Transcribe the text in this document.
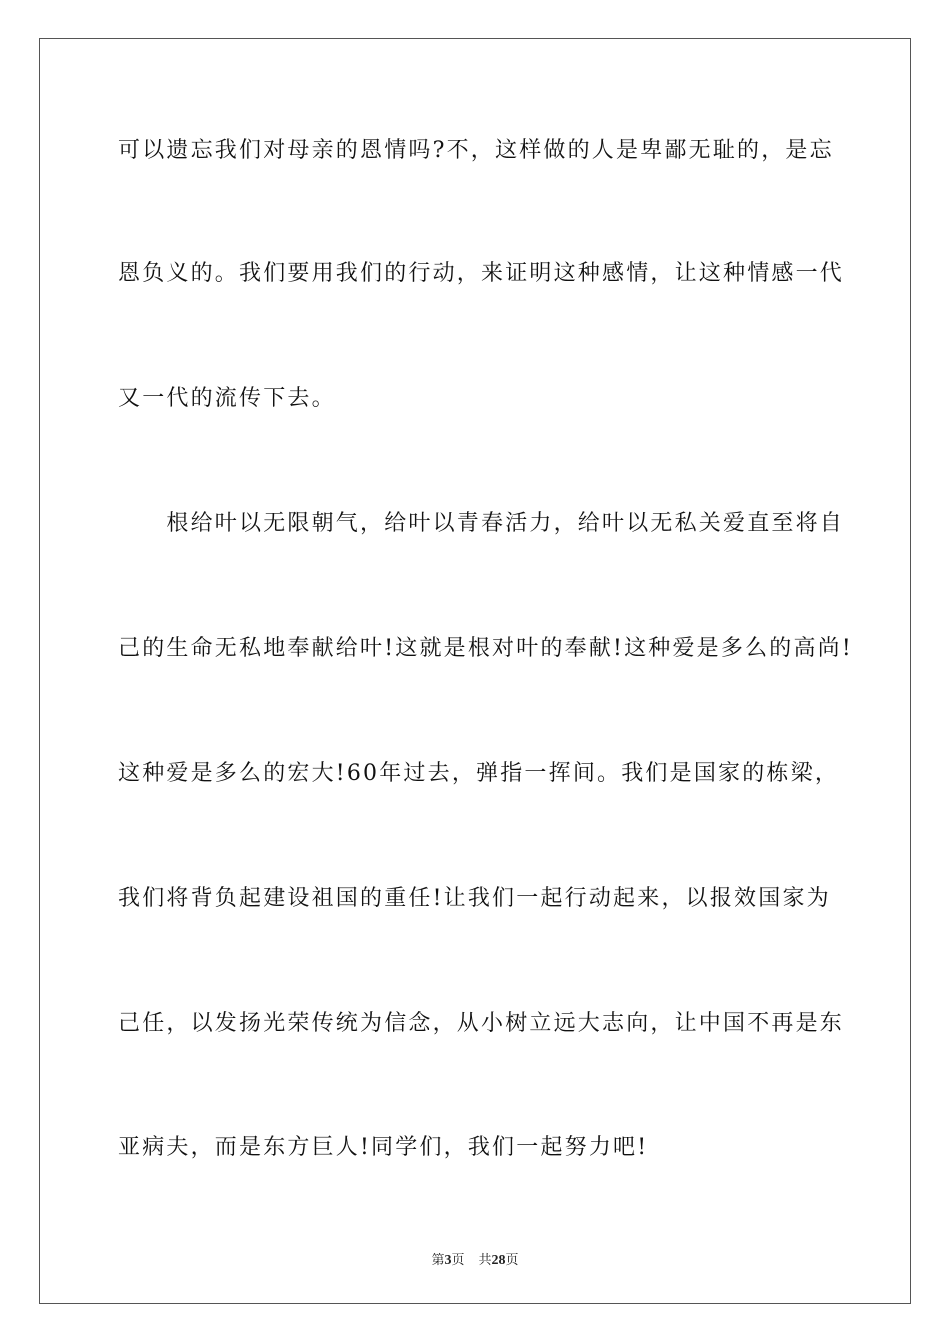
可以遗忘我们对母亲的恩情吗?不，这样做的人是卑鄙无耻的，是忘

恩负义的。我们要用我们的行动，来证明这种感情，让这种情感一代

又一代的流传下去。

　　根给叶以无限朝气，给叶以青春活力，给叶以无私关爱直至将自

己的生命无私地奉献给叶!这就是根对叶的奉献!这种爱是多么的高尚!

这种爱是多么的宏大!60年过去，弹指一挥间。我们是国家的栋梁，

我们将背负起建设祖国的重任!让我们一起行动起来，以报效国家为

己任，以发扬光荣传统为信念，从小树立远大志向，让中国不再是东

亚病夫，而是东方巨人!同学们，我们一起努力吧!

第3页 共28页
